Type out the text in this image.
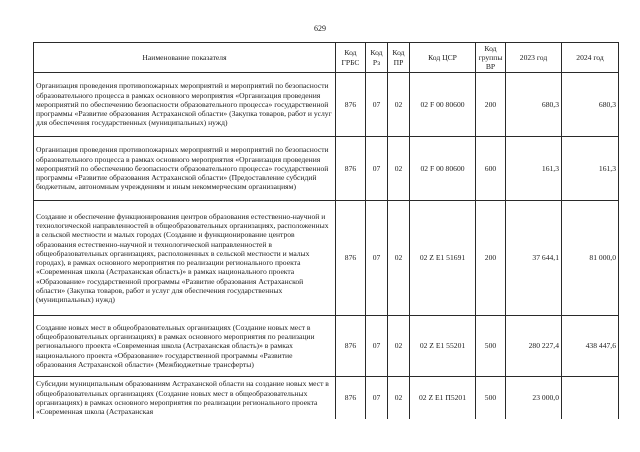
629
Наименование показателя	Код ГРБС	Код Рз	Код ПР	Код ЦСР	Код группы ВР	2023 год	2024 год
Организация проведения противопожарных мероприятий и мероприятий по безопасности образовательного процесса в рамках основного мероприятия «Организация проведения мероприятий по обеспечению безопасности образовательного процесса» государственной программы «Развитие образования Астраханской области» (Закупка товаров, работ и услуг для обеспечения государственных (муниципальных) нужд)	876	07	02	02 F 00 80600	200	680,3	680,3
Организация проведения противопожарных мероприятий и мероприятий по безопасности образовательного процесса в рамках основного мероприятия «Организация проведения мероприятий по обеспечению безопасности образовательного процесса» государственной программы «Развитие образования Астраханской области» (Предоставление субсидий бюджетным, автономным учреждениям и иным некоммерческим организациям)	876	07	02	02 F 00 80600	600	161,3	161,3
Создание и обеспечение функционирования центров образования естественно-научной и технологической направленностей в общеобразовательных организациях, расположенных в сельской местности и малых городах (Создание и функционирование центров образования естественно-научной и технологической направленностей в общеобразовательных организациях, расположенных в сельской местности и малых городах), в рамках основного мероприятия по реализации регионального проекта «Современная школа (Астраханская область)» в рамках национального проекта «Образование» государственной программы «Развитие образования Астраханской области» (Закупка товаров, работ и услуг для обеспечения государственных (муниципальных) нужд)	876	07	02	02 Z E1 51691	200	37 644,1	81 000,0
Создание новых мест в общеобразовательных организациях (Создание новых мест в общеобразовательных организациях) в рамках основного мероприятия по реализации регионального проекта «Современная школа (Астраханская область)» в рамках национального проекта «Образование» государственной программы «Развитие образования Астраханской области» (Межбюджетные трансферты)	876	07	02	02 Z E1 55201	500	280 227,4	438 447,6
Субсидии муниципальным образованиям Астраханской области на создание новых мест в общеобразовательных организациях (Создание новых мест в общеобразовательных организациях) в рамках основного мероприятия по реализации регионального проекта «Современная школа (Астраханская	876	07	02	02 Z E1 П5201	500	23 000,0	
